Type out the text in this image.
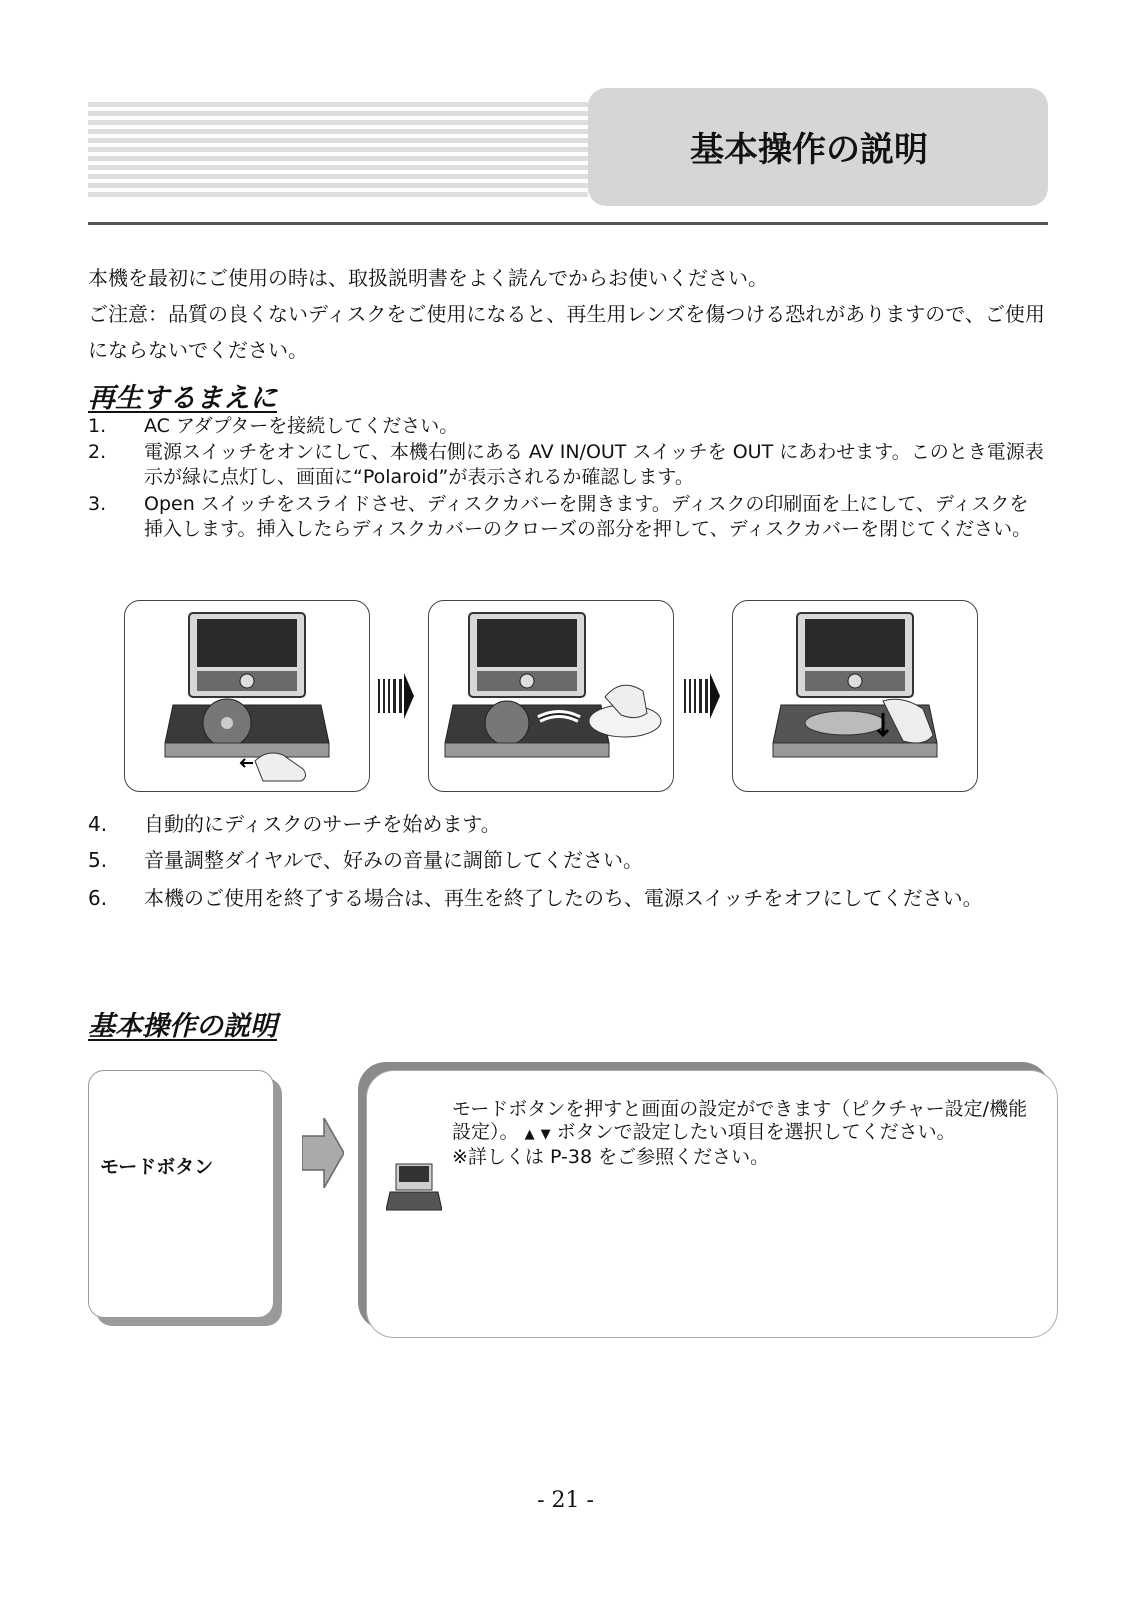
基本操作の説明

本機を最初にご使用の時は、取扱説明書をよく読んでからお使いください。

ご注意：品質の良くないディスクをご使用になると、再生用レンズを傷つける恐れがありますので、ご使用にならないでください。

再生するまえに
1.	AC アダプターを接続してください。
2.	電源スイッチをオンにして、本機右側にある AV IN/OUT スイッチを OUT にあわせます。このとき電源表示が緑に点灯し、画面に“Polaroid”が表示されるか確認します。
3.	Open スイッチをスライドさせ、ディスクカバーを開きます。ディスクの印刷面を上にして、ディスクを挿入します。挿入したらディスクカバーのクローズの部分を押して、ディスクカバーを閉じてください。
4.	自動的にディスクのサーチを始めます。
5.	音量調整ダイヤルで、好みの音量に調節してください。
6.	本機のご使用を終了する場合は、再生を終了したのち、電源スイッチをオフにしてください。
基本操作の説明
モードボタン
モードボタンを押すと画面の設定ができます（ピクチャー設定/機能設定）。 ▲ ▼ ボタンで設定したい項目を選択してください。
※詳しくは P-38 をご参照ください。
- 21 -
